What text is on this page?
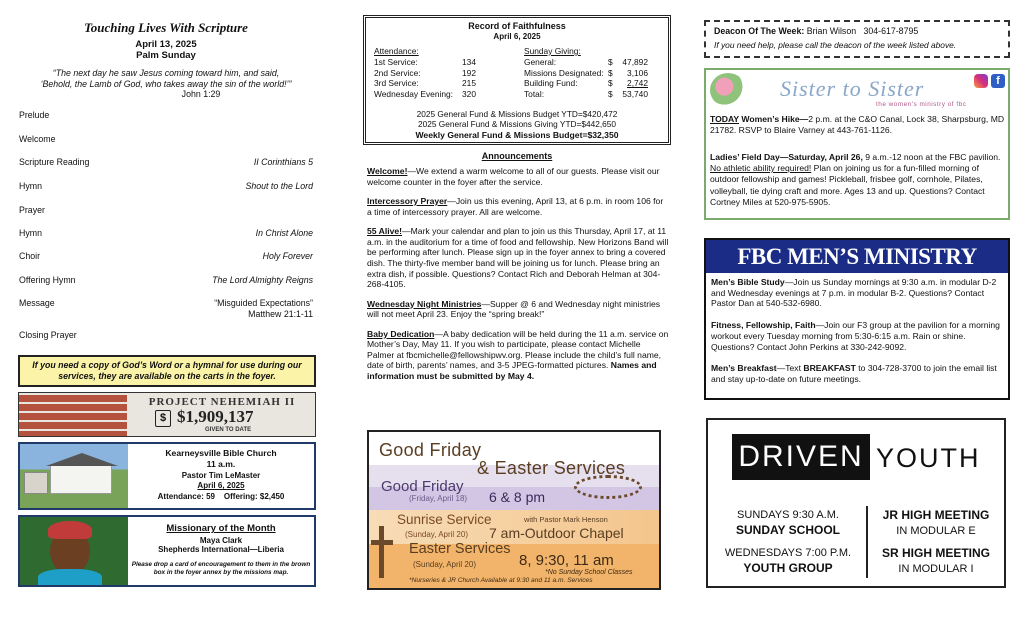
Touching Lives With Scripture
April 13, 2025
Palm Sunday
“The next day he saw Jesus coming toward him, and said,
‘Behold, the Lamb of God, who takes away the sin of the world!’”
John 1:29
Prelude
Welcome
Scripture Reading	II Corinthians 5
Hymn	Shout to the Lord
Prayer
Hymn	In Christ Alone
Choir	Holy Forever
Offering Hymn	The Lord Almighty Reigns
Message	“Misguided Expectations”
Matthew 21:1-11
Closing Prayer
If you need a copy of God’s Word or a hymnal for use during our services, they are available on the carts in the foyer.
PROJECT NEHEMIAH II
$ $1,909,137
GIVEN TO DATE
Kearneysville Bible Church
11 a.m.
Pastor Tim LeMaster
April 6, 2025
Attendance: 59 Offering: $2,450
Missionary of the Month
Maya Clark
Shepherds International—Liberia
Please drop a card of encouragement to them in the brown box in the foyer annex by the missions map.
Record of Faithfulness
April 6, 2025
Attendance:
1st Service:	134
2nd Service:	192
3rd Service:	215
Wednesday Evening:	320
Sunday Giving:
General:	$	47,892
Missions Designated: $	3,106
Building Fund:	$	2,742
Total:	$	53,740
2025 General Fund & Missions Budget YTD=$420,472
2025 General Fund & Missions Giving YTD=$442,650
Weekly General Fund & Missions Budget=$32,350
Announcements

Welcome!—We extend a warm welcome to all of our guests. Please visit our welcome counter in the foyer after the service.

Intercessory Prayer—Join us this evening, April 13, at 6 p.m. in room 106 for a time of intercessory prayer. All are welcome.

55 Alive!—Mark your calendar and plan to join us this Thursday, April 17, at 11 a.m. in the auditorium for a time of food and fellowship. New Horizons Band will be performing after lunch. Please sign up in the foyer annex to bring a covered dish. The thirty-five member band will be joining us for lunch. Please bring an extra dish, if possible. Questions? Contact Rich and Deborah Helman at 304-268-4105.

Wednesday Night Ministries—Supper @ 6 and Wednesday night ministries will not meet April 23. Enjoy the “spring break!”

Baby Dedication—A baby dedication will be held during the 11 a.m. service on Mother’s Day, May 11. If you wish to participate, please contact Michelle Palmer at fbcmichelle@fellowshipwv.org. Please include the child’s full name, date of birth, parents’ names, and 3-5 JPEG-formatted pictures. Names and information must be submitted by May 4.

Good Friday
& Easter Services
Good Friday
(Friday, April 18) 6 & 8 pm
Sunrise Service	with Pastor Mark Henson
(Sunday, April 20) 7 am-Outdoor Chapel
Easter Services
(Sunday, April 20)	8, 9:30, 11 am
*No Sunday School Classes
*Nurseries & JR Church Available at 9:30 and 11 a.m. Services
Deacon Of The Week: Brian Wilson 304-617-8795
If you need help, please call the deacon of the week listed above.
Sister to Sister
the women's ministry of fbc
f
TODAY Women’s Hike—2 p.m. at the C&O Canal, Lock 38, Sharpsburg, MD 21782. RSVP to Blaire Varney at 443-761-1126.
Ladies’ Field Day—Saturday, April 26, 9 a.m.-12 noon at the FBC pavilion. No athletic ability required! Plan on joining us for a fun-filled morning of outdoor fellowship and games! Pickleball, frisbee golf, cornhole, Pilates, volleyball, tie dying craft and more. Ages 13 and up. Questions? Contact Cortney Miles at 520-975-5905.
FBC MEN’S MINISTRY

Men’s Bible Study—Join us Sunday mornings at 9:30 a.m. in modular D-2 and Wednesday evenings at 7 p.m. in modular B-2. Questions? Contact Pastor Dan at 540-532-6980.

Fitness, Fellowship, Faith—Join our F3 group at the pavilion for a morning workout every Tuesday morning from 5:30-6:15 a.m. Rain or shine. Questions? Contact John Perkins at 330-242-9092.

Men’s Breakfast—Text BREAKFAST to 304-728-3700 to join the email list and stay up-to-date on future meetings.

DRIVEN YOUTH
SUNDAYS 9:30 A.M.
SUNDAY SCHOOL
WEDNESDAYS 7:00 P.M.
YOUTH GROUP
JR HIGH MEETING
IN MODULAR E
SR HIGH MEETING
IN MODULAR I
